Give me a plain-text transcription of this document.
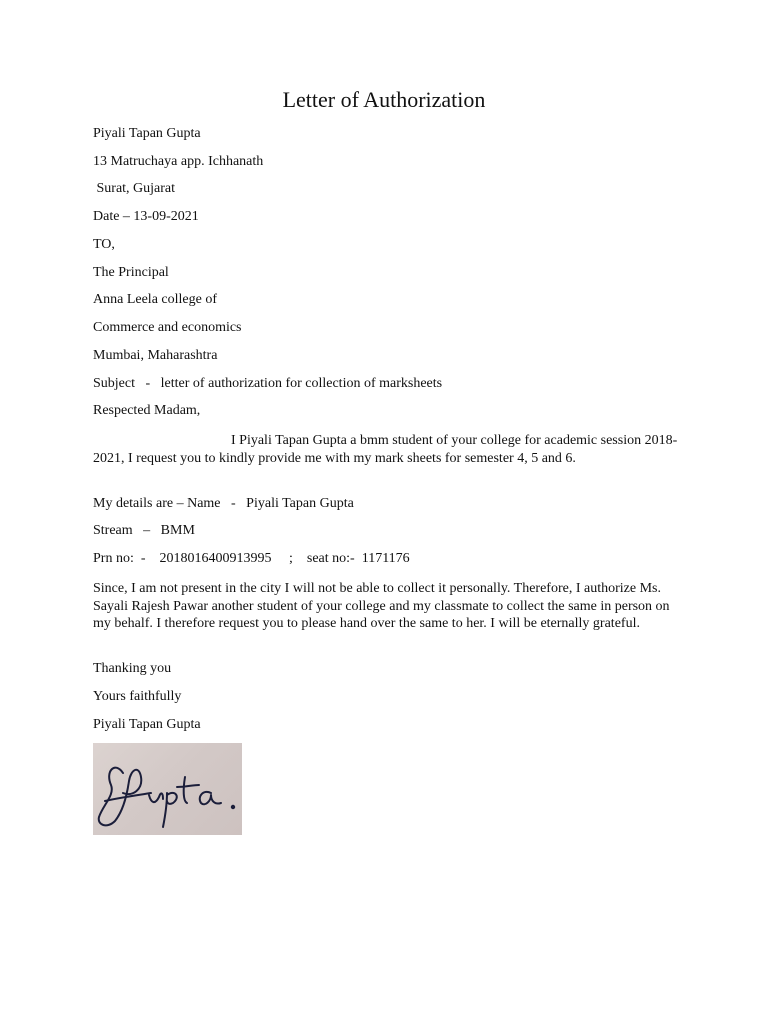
Letter of Authorization
Piyali Tapan Gupta
13 Matruchaya app. Ichhanath
Surat, Gujarat
Date – 13-09-2021
TO,
The Principal
Anna Leela college of
Commerce and economics
Mumbai, Maharashtra
Subject   -   letter of authorization for collection of marksheets
Respected Madam,
I Piyali Tapan Gupta a bmm student of your college for academic session 2018-2021, I request you to kindly provide me with my mark sheets for semester 4, 5 and 6.
My details are – Name   -   Piyali Tapan Gupta
Stream   –   BMM
Prn no:  -    2018016400913995     ;    seat no:-  1171176
Since, I am not present in the city I will not be able to collect it personally. Therefore, I authorize Ms. Sayali Rajesh Pawar another student of your college and my classmate to collect the same in person on my behalf. I therefore request you to please hand over the same to her. I will be eternally grateful.
Thanking you
Yours faithfully
Piyali Tapan Gupta
